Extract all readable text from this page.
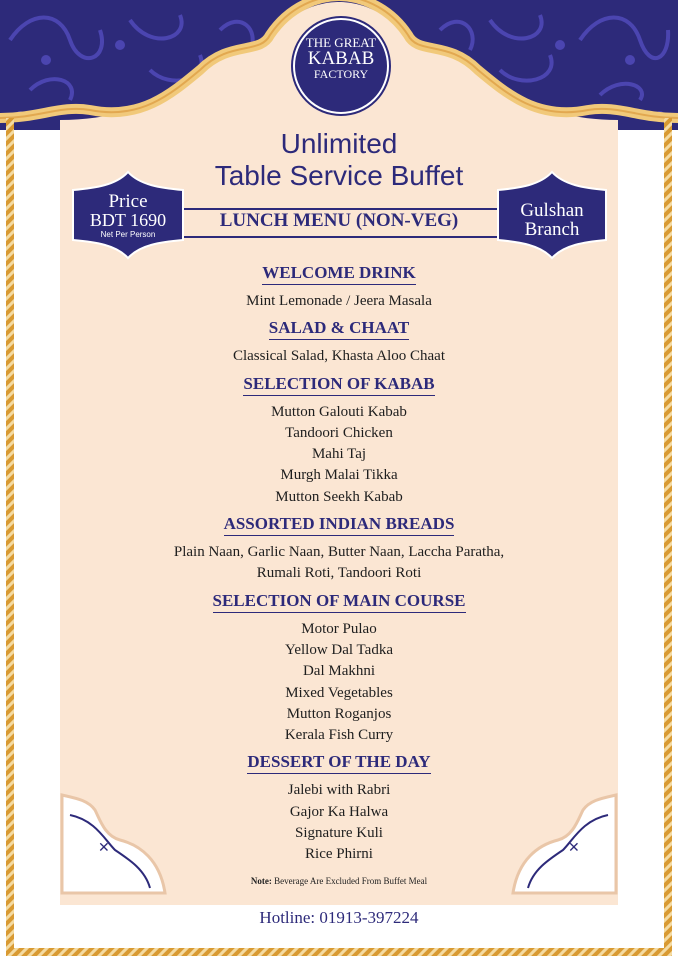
✕	✕
THE GREAT
KABAB
FACTORY
Unlimited
Table Service Buffet
Price
BDT 1690
Net Per Person
Gulshan
Branch
LUNCH MENU (NON-VEG)
WELCOME DRINK
Mint Lemonade / Jeera Masala
SALAD & CHAAT
Classical Salad, Khasta Aloo Chaat
SELECTION OF KABAB
Mutton Galouti Kabab
Tandoori Chicken
Mahi Taj
Murgh Malai Tikka
Mutton Seekh Kabab
ASSORTED INDIAN BREADS
Plain Naan, Garlic Naan, Butter Naan, Laccha Paratha,
Rumali Roti, Tandoori Roti
SELECTION OF MAIN COURSE
Motor Pulao
Yellow Dal Tadka
Dal Makhni
Mixed Vegetables
Mutton Roganjos
Kerala Fish Curry
DESSERT OF THE DAY
Jalebi with Rabri
Gajor Ka Halwa
Signature Kuli
Rice Phirni
Note: Beverage Are Excluded From Buffet Meal
Hotline: 01913-397224
